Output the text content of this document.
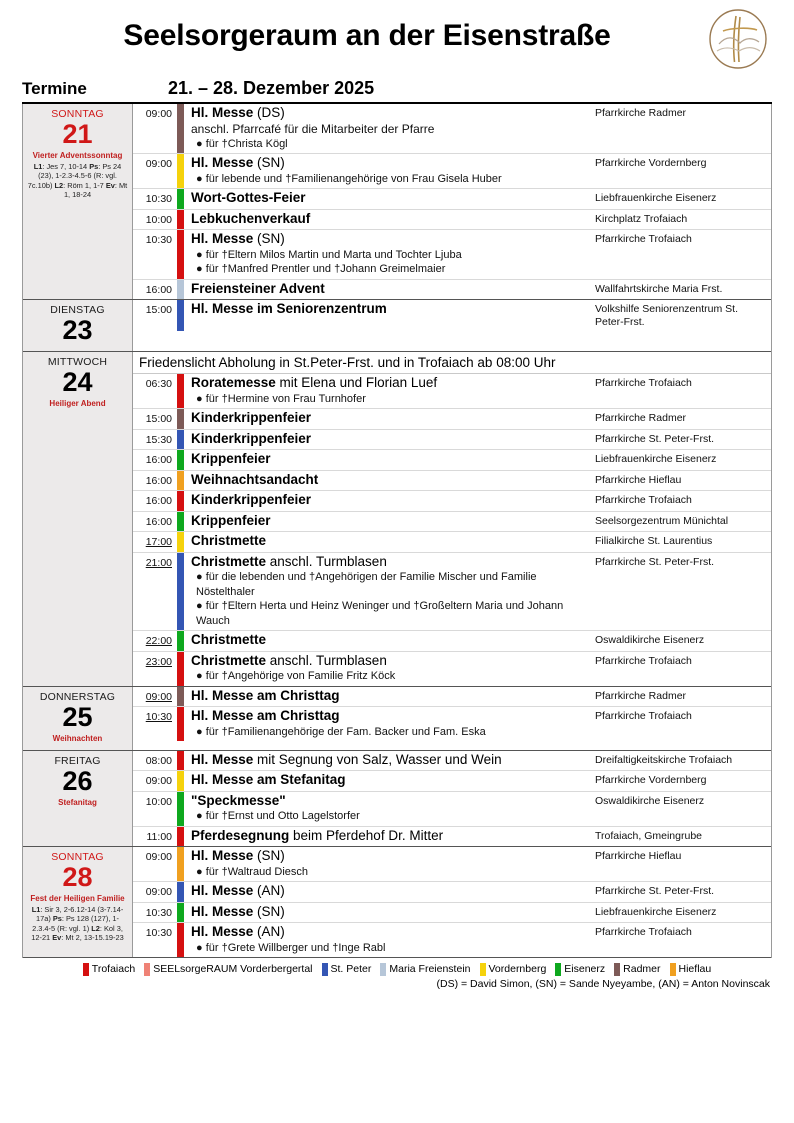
Seelsorgeraum an der Eisenstraße
Termine	21. – 28. Dezember 2025
SONNTAG
21
Vierter Adventssonntag
L1: Jes 7, 10-14 Ps: Ps 24 (23), 1-2.3-4.5-6 (R: vgl. 7c.10b) L2: Röm 1, 1-7 Ev: Mt 1, 18-24
09:00	Hl. Messe (DS)
anschl. Pfarrcafé für die Mitarbeiter der Pfarre
● für †Christa Kögl
Pfarrkirche Radmer
09:00	Hl. Messe (SN)
● für lebende und †Familienangehörige von Frau Gisela Huber
Pfarrkirche Vordernberg
10:30	Wort-Gottes-Feier	Liebfrauenkirche Eisenerz
10:00	Lebkuchenverkauf	Kirchplatz Trofaiach
10:30	Hl. Messe (SN)
● für †Eltern Milos Martin und Marta und Tochter Ljuba
● für †Manfred Prentler und †Johann Greimelmaier
Pfarrkirche Trofaiach
16:00	Freiensteiner Advent	Wallfahrtskirche Maria Frst.
DIENSTAG
23
15:00	Hl. Messe im Seniorenzentrum	Volkshilfe Seniorenzentrum St. Peter-Frst.
MITTWOCH
24
Heiliger Abend
Friedenslicht Abholung in St.Peter-Frst. und in Trofaiach ab 08:00 Uhr
06:30	Roratemesse mit Elena und Florian Luef
● für †Hermine von Frau Turnhofer
Pfarrkirche Trofaiach
15:00	Kinderkrippenfeier	Pfarrkirche Radmer
15:30	Kinderkrippenfeier	Pfarrkirche St. Peter-Frst.
16:00	Krippenfeier	Liebfrauenkirche Eisenerz
16:00	Weihnachtsandacht	Pfarrkirche Hieflau
16:00	Kinderkrippenfeier	Pfarrkirche Trofaiach
16:00	Krippenfeier	Seelsorgezentrum Münichtal
17:00	Christmette	Filialkirche St. Laurentius
21:00	Christmette anschl. Turmblasen
● für die lebenden und †Angehörigen der Familie Mischer und Familie Nöstelthaler
● für †Eltern Herta und Heinz Weninger und †Großeltern Maria und Johann Wauch
Pfarrkirche St. Peter-Frst.
22:00	Christmette	Oswaldikirche Eisenerz
23:00	Christmette anschl. Turmblasen
● für †Angehörige von Familie Fritz Köck
Pfarrkirche Trofaiach
DONNERSTAG
25
Weihnachten
09:00	Hl. Messe am Christtag	Pfarrkirche Radmer
10:30	Hl. Messe am Christtag
● für †Familienangehörige der Fam. Backer und Fam. Eska
Pfarrkirche Trofaiach
FREITAG
26
Stefanitag
08:00	Hl. Messe mit Segnung von Salz, Wasser und Wein	Dreifaltigkeitskirche Trofaiach
09:00	Hl. Messe am Stefanitag	Pfarrkirche Vordernberg
10:00	"Speckmesse"
● für †Ernst und Otto Lagelstorfer
Oswaldikirche Eisenerz
11:00	Pferdesegnung beim Pferdehof Dr. Mitter	Trofaiach, Gmeingrube
SONNTAG
28
Fest der Heiligen Familie
L1: Sir 3, 2-6.12-14 (3-7.14-17a) Ps: Ps 128 (127), 1-2.3.4-5 (R: vgl. 1) L2: Kol 3, 12-21 Ev: Mt 2, 13-15.19-23
09:00	Hl. Messe (SN)
● für †Waltraud Diesch
Pfarrkirche Hieflau
09:00	Hl. Messe (AN)	Pfarrkirche St. Peter-Frst.
10:30	Hl. Messe (SN)	Liebfrauenkirche Eisenerz
10:30	Hl. Messe (AN)
● für †Grete Willberger und †Inge Rabl
Pfarrkirche Trofaiach
Trofaiach SEELsorgeRAUM Vorderbergertal St. Peter Maria Freienstein Vordernberg Eisenerz Radmer Hieflau
(DS) = David Simon, (SN) = Sande Nyeyambe, (AN) = Anton Novinscak
